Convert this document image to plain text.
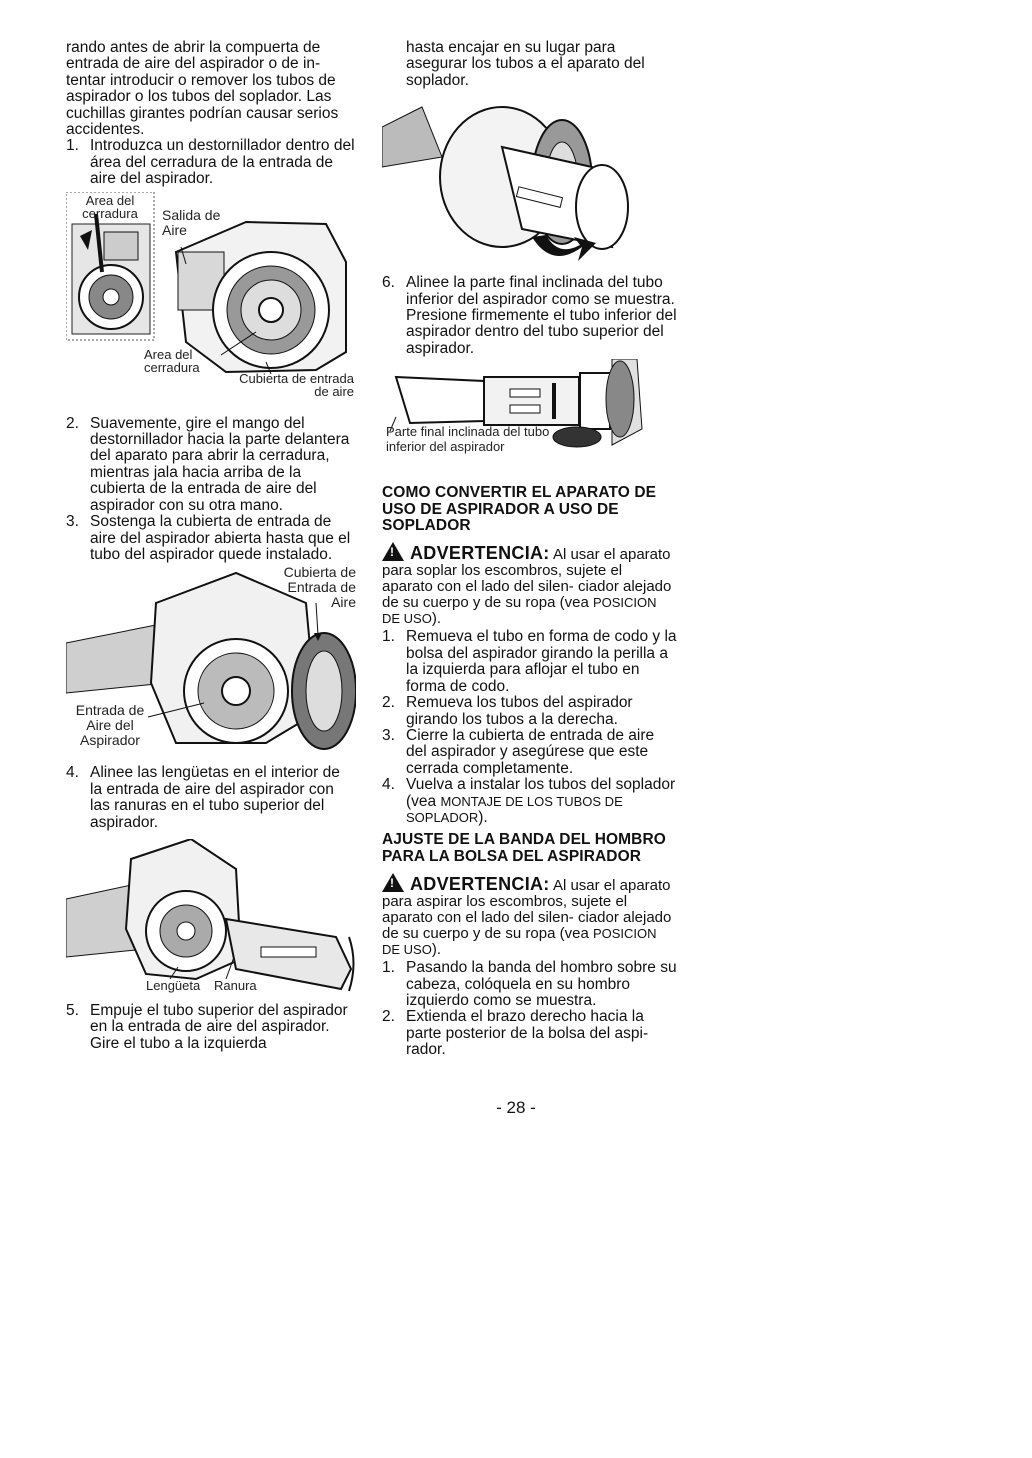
rando antes de abrir la compuerta de entrada de aire del aspirador o de in- tentar introducir o remover los tubos de aspirador o los tubos del soplador. Las cuchillas girantes podrían causar serios accidentes.

1. Introduzca un destornillador dentro del área del cerradura de la entrada de aire del aspirador.
Area del cerradura	Salida de Aire
Area del cerradura
Cubierta de entrada de aire
2. Suavemente, gire el mango del destornillador hacia la parte delantera del aparato para abrir la cerradura, mientras jala hacia arriba de la cubierta de la entrada de aire del aspirador con su otra mano.
3. Sostenga la cubierta de entrada de aire del aspirador abierta hasta que el tubo del aspirador quede instalado.
Cubierta de Entrada de Aire
Entrada de Aire del Aspirador
4. Alinee las lengüetas en el interior de la entrada de aire del aspirador con las ranuras en el tubo superior del aspirador.
Lengüeta	Ranura
5. Empuje el tubo superior del aspirador en la entrada de aire del aspirador. Gire el tubo a la izquierda

hasta encajar en su lugar para asegurar los tubos a el aparato del soplador.

6. Alinee la parte final inclinada del tubo inferior del aspirador como se muestra. Presione firmemente el tubo inferior del aspirador dentro del tubo superior del aspirador.
Parte final inclinada del tubo inferior del aspirador
COMO CONVERTIR EL APARATO DE USO DE ASPIRADOR A USO DE SOPLADOR
!ADVERTENCIA: Al usar el aparato para soplar los escombros, sujete el aparato con el lado del silen- ciador alejado de su cuerpo y de su ropa (vea POSICION DE USO).
1. Remueva el tubo en forma de codo y la bolsa del aspirador girando la perilla a la izquierda para aflojar el tubo en forma de codo.
2. Remueva los tubos del aspirador girando los tubos a la derecha.
3. Cierre la cubierta de entrada de aire del aspirador y asegúrese que este cerrada completamente.
4. Vuelva a instalar los tubos del soplador (vea MONTAJE DE LOS TUBOS DE SOPLADOR).
AJUSTE DE LA BANDA DEL HOMBRO PARA LA BOLSA DEL ASPIRADOR
!ADVERTENCIA: Al usar el aparato para aspirar los escombros, sujete el aparato con el lado del silen- ciador alejado de su cuerpo y de su ropa (vea POSICION DE USO).
1. Pasando la banda del hombro sobre su cabeza, colóquela en su hombro izquierdo como se muestra.
2. Extienda el brazo derecho hacia la parte posterior de la bolsa del aspi- rador.
- 28 -
